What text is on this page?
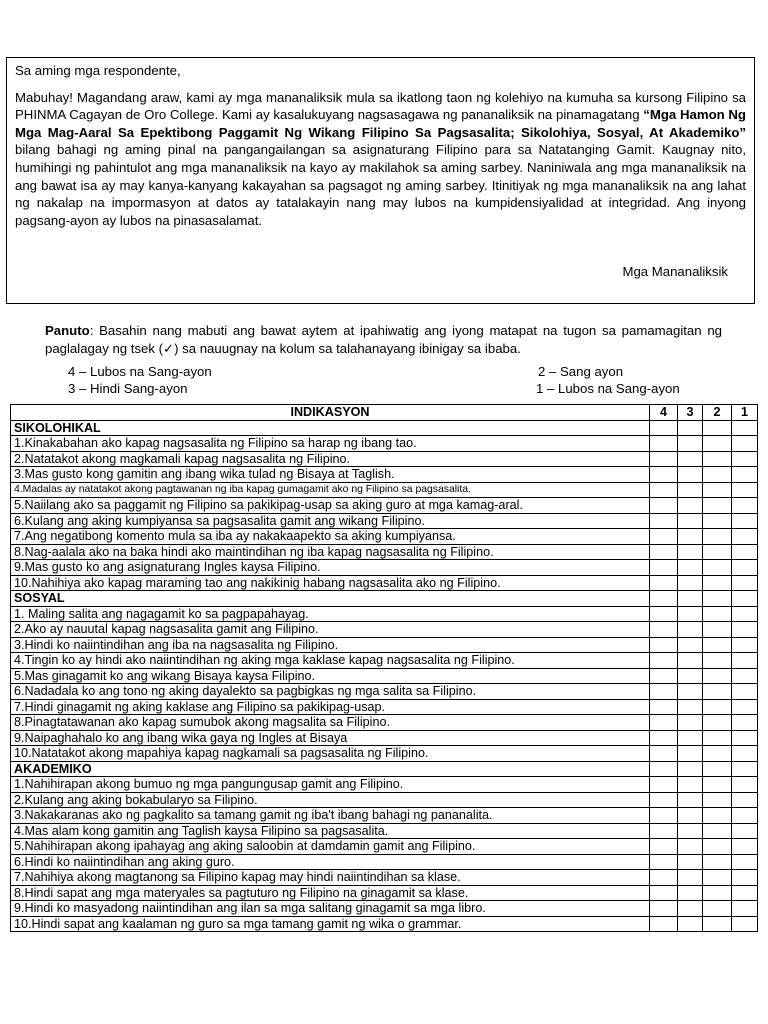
Sa aming mga respondente,

Mabuhay! Magandang araw, kami ay mga mananaliksik mula sa ikatlong taon ng kolehiyo na kumuha sa kursong Filipino sa PHINMA Cagayan de Oro College. Kami ay kasalukuyang nagsasagawa ng pananaliksik na pinamagatang “Mga Hamon Ng Mga Mag-Aaral Sa Epektibong Paggamit Ng Wikang Filipino Sa Pagsasalita; Sikolohiya, Sosyal, At Akademiko” bilang bahagi ng aming pinal na pangangailangan sa asignaturang Filipino para sa Natatanging Gamit. Kaugnay nito, humihingi ng pahintulot ang mga mananaliksik na kayo ay makilahok sa aming sarbey. Naniniwala ang mga mananaliksik na ang bawat isa ay may kanya-kanyang kakayahan sa pagsagot ng aming sarbey. Itinitiyak ng mga mananaliksik na ang lahat ng nakalap na impormasyon at datos ay tatalakayin nang may lubos na kumpidensiyalidad at integridad. Ang inyong pagsang-ayon ay lubos na pinasasalamat.

Mga Mananaliksik

Panuto: Basahin nang mabuti ang bawat aytem at ipahiwatig ang iyong matapat na tugon sa pamamagitan ng paglalagay ng tsek (✓) sa nauugnay na kolum sa talahanayang ibinigay sa ibaba.
4 – Lubos na Sang-ayon
3 – Hindi Sang-ayon
2 – Sang ayon
1 – Lubos na Sang-ayon
INDIKASYON	4	3	2	1
SIKOLOHIKAL				
1.Kinakabahan ako kapag nagsasalita ng Filipino sa harap ng ibang tao.				
2.Natatakot akong magkamali kapag nagsasalita ng Filipino.				
3.Mas gusto kong gamitin ang ibang wika tulad ng Bisaya at Taglish.				
4.Madalas ay natatakot akong pagtawanan ng iba kapag gumagamit ako ng Filipino sa pagsasalita.				
5.Naiilang ako sa paggamit ng Filipino sa pakikipag-usap sa aking guro at mga kamag-aral.				
6.Kulang ang aking kumpiyansa sa pagsasalita gamit ang wikang Filipino.				
7.Ang negatibong komento mula sa iba ay nakakaapekto sa aking kumpiyansa.				
8.Nag-aalala ako na baka hindi ako maintindihan ng iba kapag nagsasalita ng Filipino.				
9.Mas gusto ko ang asignaturang Ingles kaysa Filipino.				
10.Nahihiya ako kapag maraming tao ang nakikinig habang nagsasalita ako ng Filipino.				
SOSYAL				
1. Maling salita ang nagagamit ko sa pagpapahayag.				
2.Ako ay nauutal kapag nagsasalita gamit ang Filipino.				
3.Hindi ko naiintindihan ang iba na nagsasalita ng Filipino.				
4.Tingin ko ay hindi ako naiintindihan ng aking mga kaklase kapag nagsasalita ng Filipino.				
5.Mas ginagamit ko ang wikang Bisaya kaysa Filipino.				
6.Nadadala ko ang tono ng aking dayalekto sa pagbigkas ng mga salita sa Filipino.				
7.Hindi ginagamit ng aking kaklase ang Filipino sa pakikipag-usap.				
8.Pinagtatawanan ako kapag sumubok akong magsalita sa Filipino.				
9.Naipaghahalo ko ang ibang wika gaya ng Ingles at Bisaya				
10.Natatakot akong mapahiya kapag nagkamali sa pagsasalita ng Filipino.				
AKADEMIKO				
1.Nahihirapan akong bumuo ng mga pangungusap gamit ang Filipino.				
2.Kulang ang aking bokabularyo sa Filipino.				
3.Nakakaranas ako ng pagkalito sa tamang gamit ng iba't ibang bahagi ng pananalita.				
4.Mas alam kong gamitin ang Taglish kaysa Filipino sa pagsasalita.				
5.Nahihirapan akong ipahayag ang aking saloobin at damdamin gamit ang Filipino.				
6.Hindi ko naiintindihan ang aking guro.				
7.Nahihiya akong magtanong sa Filipino kapag may hindi naiintindihan sa klase.				
8.Hindi sapat ang mga materyales sa pagtuturo ng Filipino na ginagamit sa klase.				
9.Hindi ko masyadong naiintindihan ang ilan sa mga salitang ginagamit sa mga libro.				
10.Hindi sapat ang kaalaman ng guro sa mga tamang gamit ng wika o grammar.				
